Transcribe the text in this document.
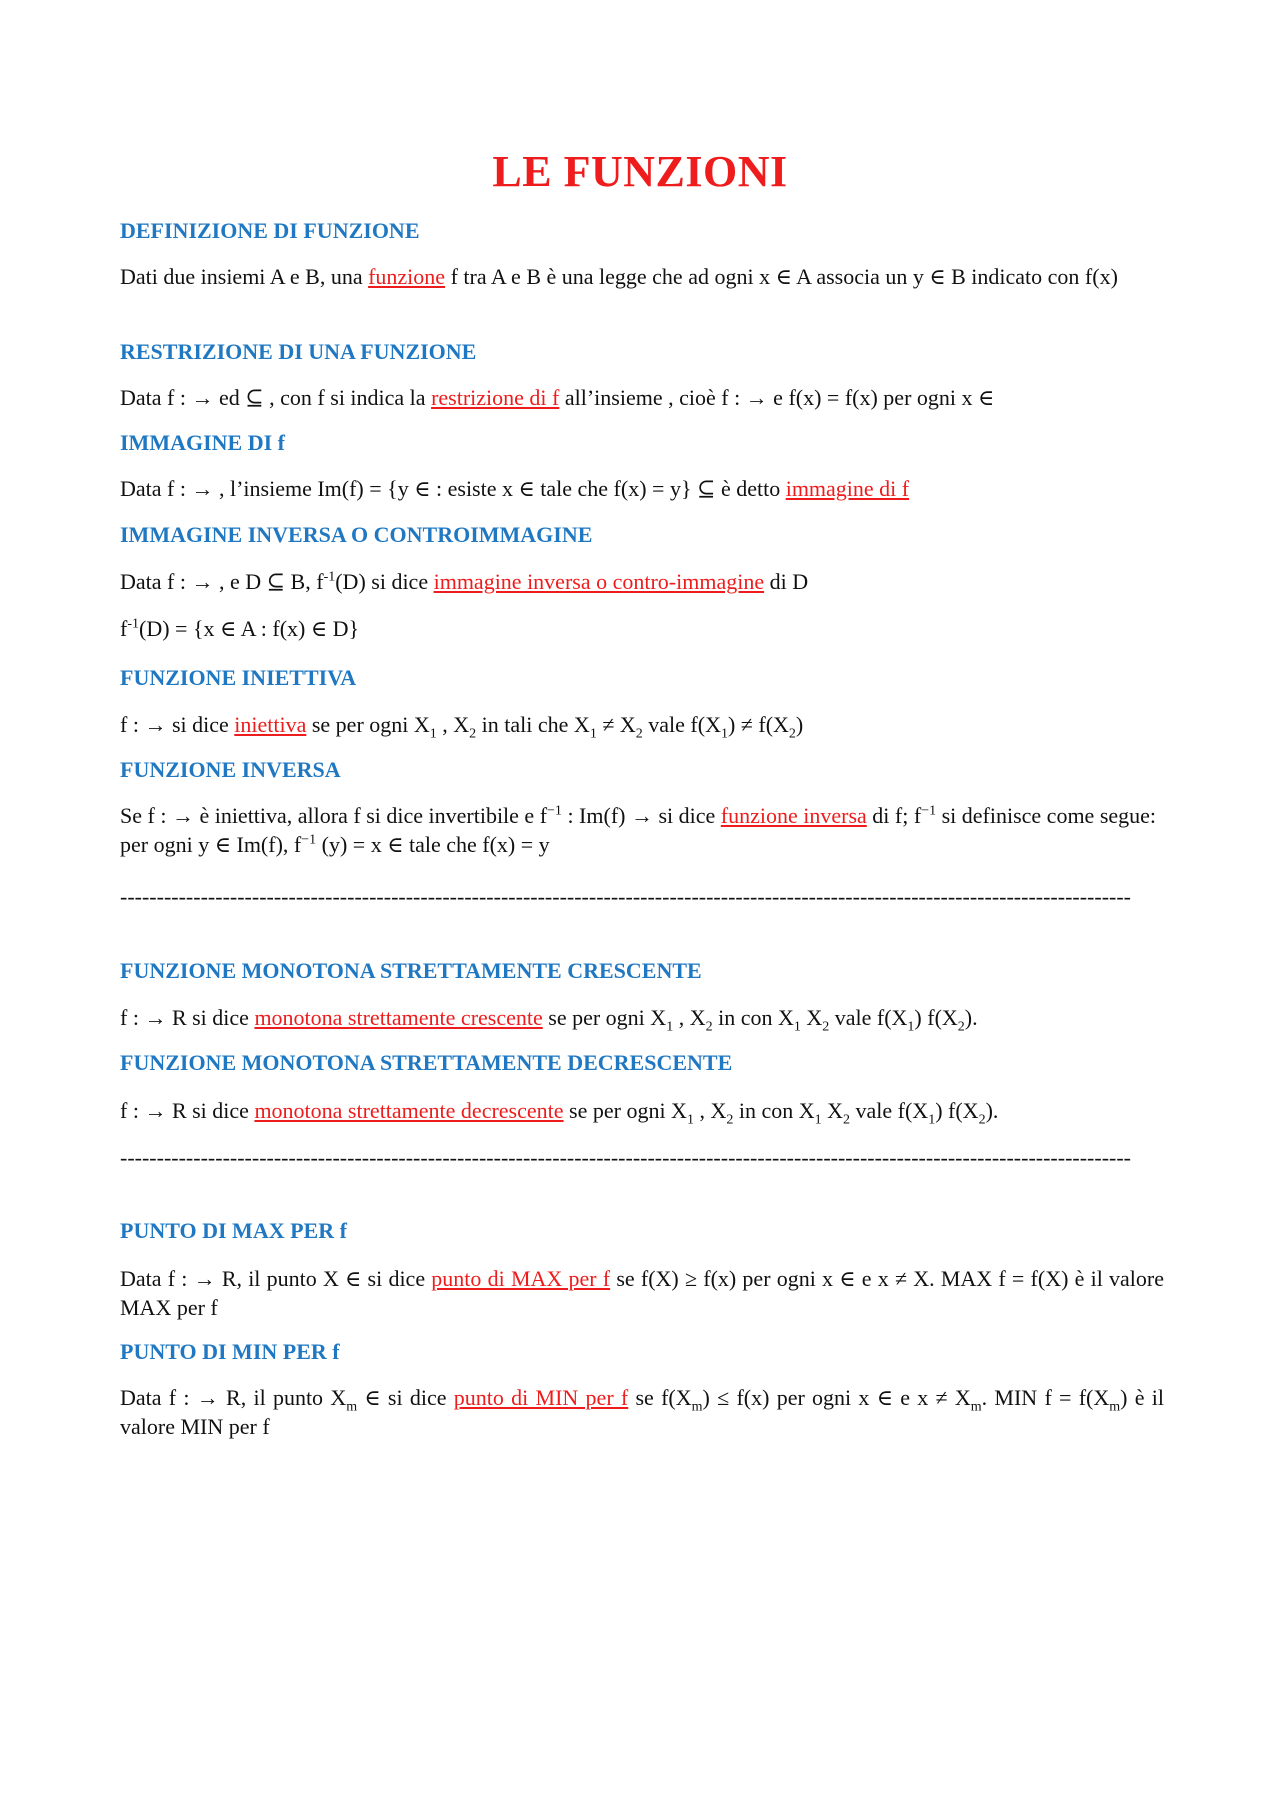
LE FUNZIONI
DEFINIZIONE DI FUNZIONE

Dati due insiemi A e B, una funzione f tra A e B è una legge che ad ogni x ∈ A associa un y ∈ B indicato con f(x)

RESTRIZIONE DI UNA FUNZIONE

Data f : → ed ⊆ , con f si indica la restrizione di f all’insieme , cioè f : → e f(x) = f(x) per ogni x ∈

IMMAGINE DI f

Data f : → , l’insieme Im(f) = {y ∈ : esiste x ∈ tale che f(x) = y} ⊆ è detto immagine di f

IMMAGINE INVERSA O CONTROIMMAGINE

Data f : → , e D ⊆ B, $f^{-1}(D)$ si dice immagine inversa o contro-immagine di D

$f^{-1}(D) = \{x$ ∈ A : f(x) ∈ D}

FUNZIONE INIETTIVA

f : → si dice iniettiva se per ogni $X_1$ , $X_2$ in tali che $X_1 \ne X_2$ vale $f(X_1) \ne f(X_2)$

FUNZIONE INVERSA

Se f : → è iniettiva, allora f si dice invertibile e $f^{-1}$ : Im(f) → si dice funzione inversa di f; $f^{-1}$ si definisce come segue: per ogni y ∈ Im(f), $f^{-1}$ (y) = x ∈ tale che f(x) = y

------------------------------------------------------------------------------------------------------------------------------------------

FUNZIONE MONOTONA STRETTAMENTE CRESCENTE

f : → R si dice monotona strettamente crescente se per ogni $X_1$ , $X_2$ in con $X_1$ $X_2$ vale $f(X_1)$ $f(X_2)$.

FUNZIONE MONOTONA STRETTAMENTE DECRESCENTE

f : → R si dice monotona strettamente decrescente se per ogni $X_1$ , $X_2$ in con $X_1$ $X_2$ vale $f(X_1)$ $f(X_2)$.

------------------------------------------------------------------------------------------------------------------------------------------

PUNTO DI MAX PER f

Data f : → R, il punto X ∈ si dice punto di MAX per f se f(X) ≥ f(x) per ogni x ∈ e x ≠ X. MAX f = f(X) è il valore MAX per f

PUNTO DI MIN PER f

Data f : → R, il punto $X_m$ ∈ si dice punto di MIN per f se $f(X_m) \le f(x)$ per ogni x ∈ e $x \ne X_m$. MIN $f = f(X_m)$ è il valore MIN per f
